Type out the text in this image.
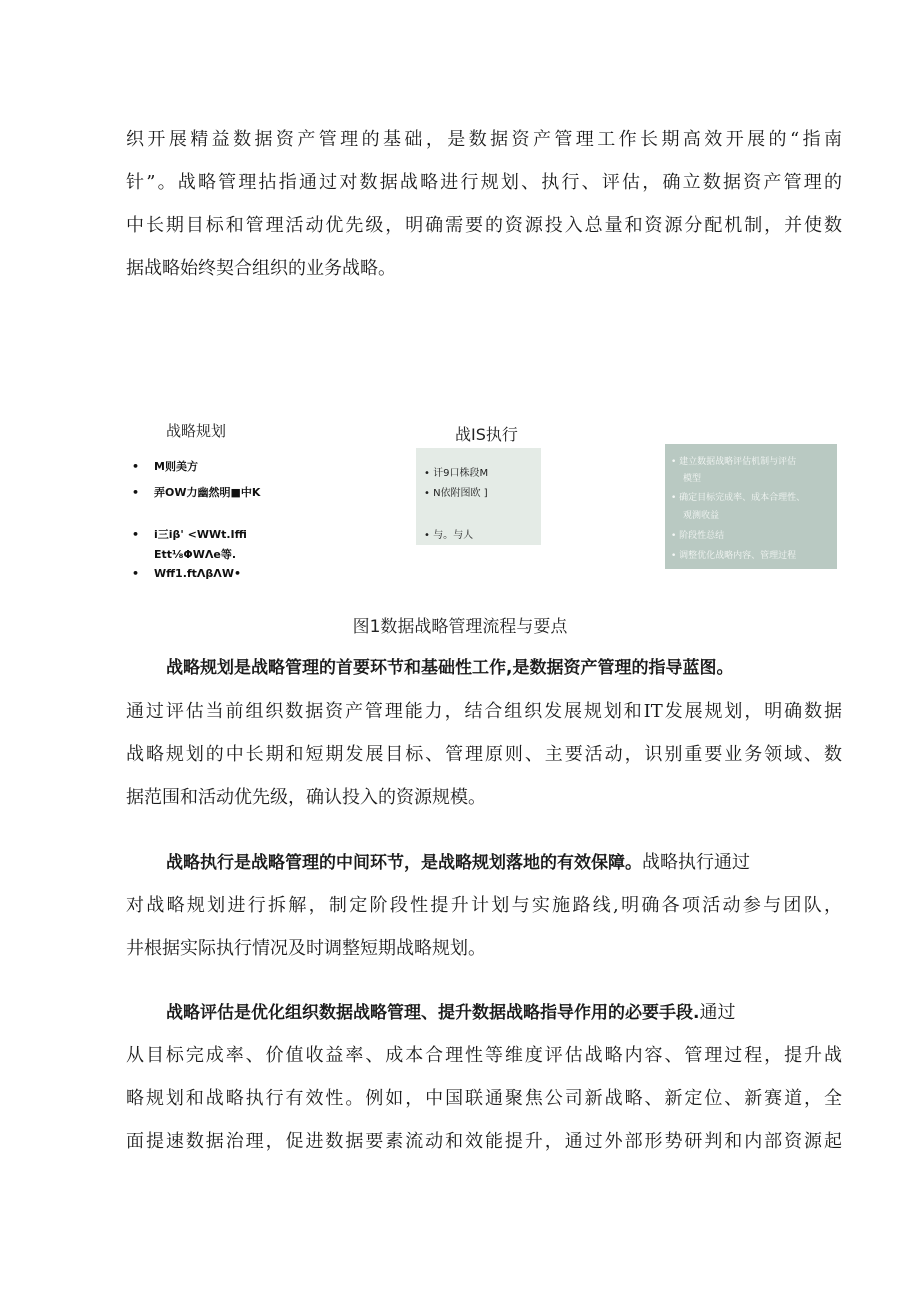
织开展精益数据资产管理的基础，是数据资产管理工作长期高效开展的“指南
针”。战略管理拈指通过对数据战略进行规划、执行、评估，确立数据资产管理的
中长期目标和管理活动优先级，明确需要的资源投入总量和资源分配机制，并使数
据战略始终契合组织的业务战略。
战略规划
• M则美方
• 弄OW力幽然明■中K
• i三iβ' <WWt.Iffi
Ett⅛ΦWΛe等.
• Wff1.ftΛβΛW•
战IS执行
• 讦9口株段M
• N依附图欧 ]
• 与。与人
• 建立数据战略评估机制与评估
模型
• 确定目标完成率、成本合理性、
观测收益
• 阶段性总结
• 调整优化战略内容、管理过程
图1数据战略管理流程与要点
战略规划是战略管理的首要环节和基础性工作,是数据资产管理的指导蓝图。
通过评估当前组织数据资产管理能力，结合组织发展规划和IT发展规划，明确数据
战略规划的中长期和短期发展目标、管理原则、主要活动，识别重要业务领域、数
据范围和活动优先级，确认投入的资源规模。
战略执行是战略管理的中间环节，是战略规划落地的有效保障。战略执行通过
对战略规划进行拆解，制定阶段性提升计划与实施路线,明确各项活动参与团队，
井根据实际执行情况及时调整短期战略规划。
战略评估是优化组织数据战略管理、提升数据战略指导作用的必要手段.通过
从目标完成率、价值收益率、成本合理性等维度评估战略内容、管理过程，提升战
略规划和战略执行有效性。例如，中国联通聚焦公司新战略、新定位、新赛道，全
面提速数据治理，促进数据要素流动和效能提升，通过外部形势研判和内部资源起
